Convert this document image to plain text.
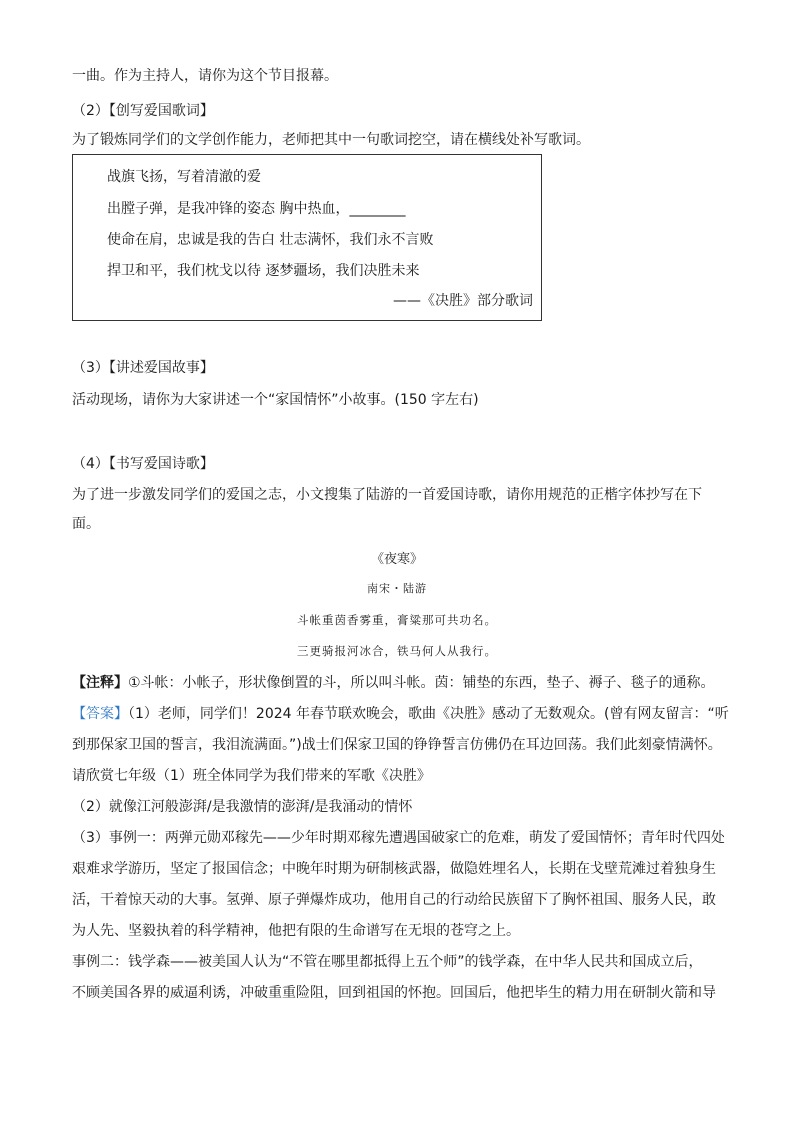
一曲。作为主持人，请你为这个节目报幕。
（2）【创写爱国歌词】
为了锻炼同学们的文学创作能力，老师把其中一句歌词挖空，请在横线处补写歌词。
战旗飞扬，写着清澈的爱
出膛子弹，是我冲锋的姿态 胸中热血，________
使命在肩，忠诚是我的告白 壮志满怀，我们永不言败
捍卫和平，我们枕戈以待 逐梦疆场，我们决胜未来
——《决胜》部分歌词
（3）【讲述爱国故事】
活动现场，请你为大家讲述一个“家国情怀”小故事。(150 字左右)
（4）【书写爱国诗歌】
为了进一步激发同学们的爱国之志，小文搜集了陆游的一首爱国诗歌，请你用规范的正楷字体抄写在下
面。
《夜寒》
南宋・陆游
斗帐重茵香雾重，膏粱那可共功名。
三更骑报河冰合，铁马何人从我行。
【注释】①斗帐：小帐子，形状像倒置的斗，所以叫斗帐。茵：铺垫的东西，垫子、褥子、毯子的通称。
【答案】（1）老师，同学们！2024 年春节联欢晚会，歌曲《决胜》感动了无数观众。(曾有网友留言：“听
到那保家卫国的誓言，我泪流满面。”)战士们保家卫国的铮铮誓言仿佛仍在耳边回荡。我们此刻豪情满怀。
请欣赏七年级（1）班全体同学为我们带来的军歌《决胜》
（2）就像江河般澎湃/是我激情的澎湃/是我涌动的情怀
（3）事例一：两弹元勋邓稼先——少年时期邓稼先遭遇国破家亡的危难，萌发了爱国情怀；青年时代四处
艰难求学游历，坚定了报国信念；中晚年时期为研制核武器，做隐姓埋名人，长期在戈壁荒滩过着独身生
活，干着惊天动的大事。氢弹、原子弹爆炸成功，他用自己的行动给民族留下了胸怀祖国、服务人民，敢
为人先、坚毅执着的科学精神，他把有限的生命谱写在无垠的苍穹之上。
事例二：钱学森——被美国人认为“不管在哪里都抵得上五个师”的钱学森，在中华人民共和国成立后，
不顾美国各界的威逼利诱，冲破重重险阻，回到祖国的怀抱。回国后，他把毕生的精力用在研制火箭和导
